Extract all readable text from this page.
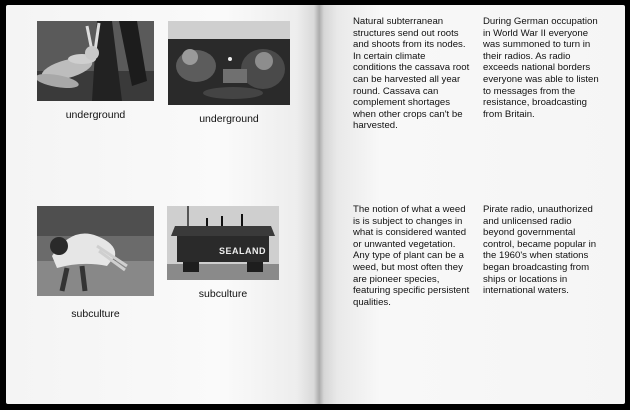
underground	underground
subculture
SEALAND
subculture

Natural subterranean structures send out roots and shoots from its nodes. In certain climate conditions the cassava root can be harvested all year round. Cassava can complement shortages when other crops can't be harvested.

During German occupation in World War II everyone was summoned to turn in their radios. As radio exceeds national borders everyone was able to listen to messages from the resistance, broadcasting from Britain.

The notion of what a weed is is subject to changes in what is considered wanted or unwanted vegetation. Any type of plant can be a weed, but most often they are pioneer species, featuring specific persistent qualities.

Pirate radio, unauthorized and unlicensed radio beyond governmental control, became popular in the 1960's when stations began broadcasting from ships or locations in international waters.
